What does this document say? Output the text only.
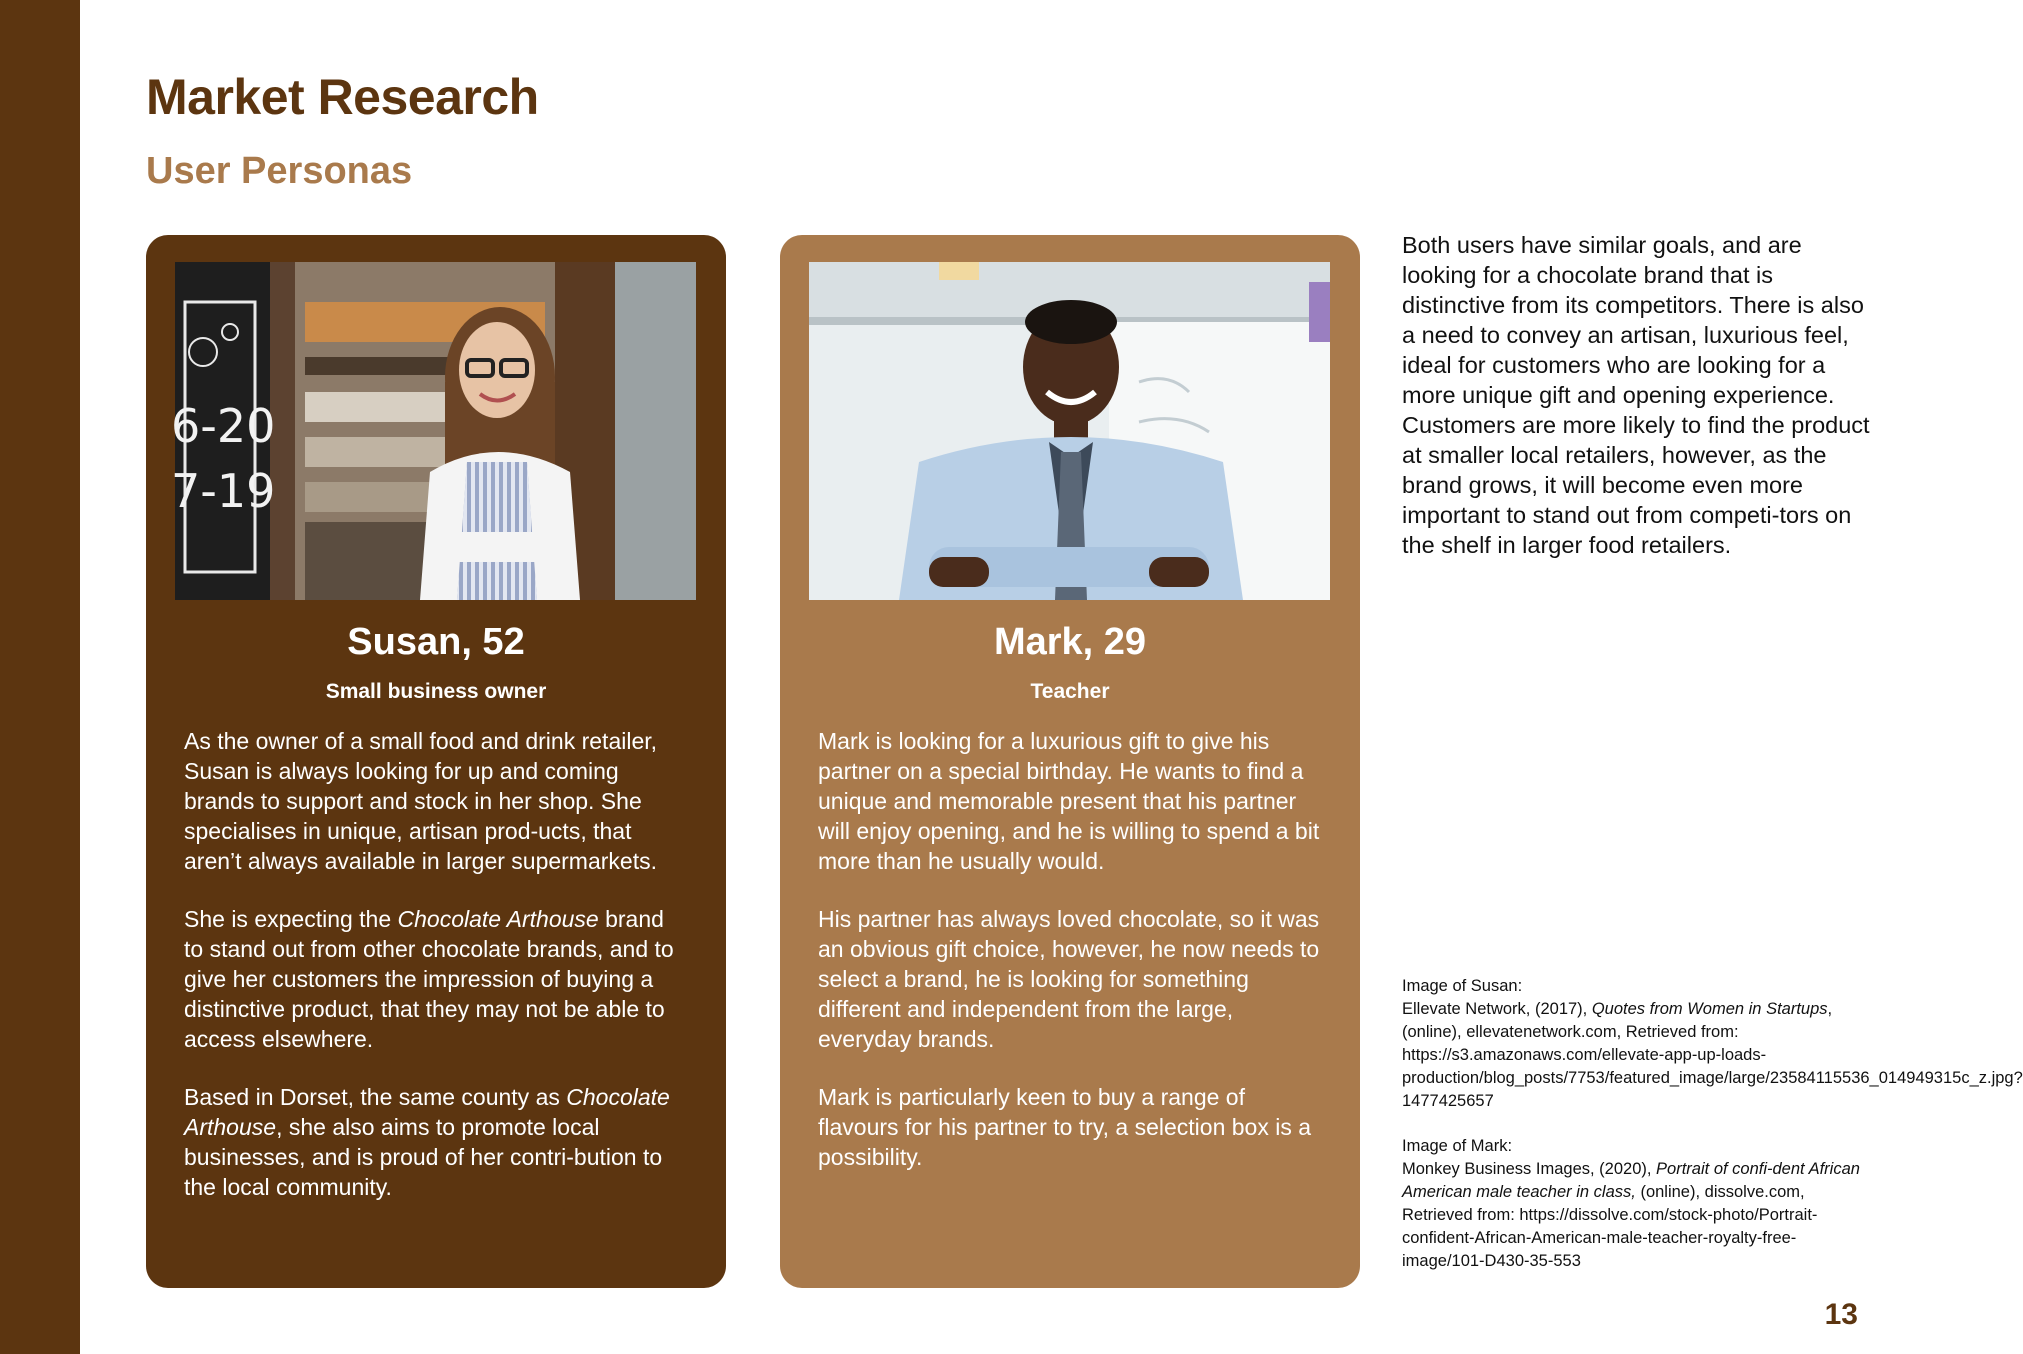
Market Research
User Personas
6-20
7-19
Susan, 52
Small business owner

As the owner of a small food and drink retailer, Susan is always looking for up and coming brands to support and stock in her shop. She specialises in unique, artisan prod-ucts, that aren’t always available in larger supermarkets.

She is expecting the Chocolate Arthouse brand to stand out from other chocolate brands, and to give her customers the impression of buying a distinctive product, that they may not be able to access elsewhere.

Based in Dorset, the same county as Chocolate Arthouse, she also aims to promote local businesses, and is proud of her contri-bution to the local community.

Mark, 29
Teacher

Mark is looking for a luxurious gift to give his partner on a special birthday. He wants to find a unique and memorable present that his partner will enjoy opening, and he is willing to spend a bit more than he usually would.

His partner has always loved chocolate, so it was an obvious gift choice, however, he now needs to select a brand, he is looking for something different and independent from the large, everyday brands.

Mark is particularly keen to buy a range of flavours for his partner to try, a selection box is a possibility.

Both users have similar goals, and are looking for a chocolate brand that is distinctive from its competitors. There is also a need to convey an artisan, luxurious feel, ideal for customers who are looking for a more unique gift and opening experience. Customers are more likely to find the product at smaller local retailers, however, as the brand grows, it will become even more important to stand out from competi-tors on the shelf in larger food retailers.

Image of Susan:
Ellevate Network, (2017), Quotes from Women in Startups, (online), ellevatenetwork.com, Retrieved from: https://s3.amazonaws.com/ellevate-app-up-loads-production/blog_posts/7753/featured_image/large/23584115536_014949315c_z.jpg?1477425657
Image of Mark:
Monkey Business Images, (2020), Portrait of confi-dent African American male teacher in class, (online), dissolve.com, Retrieved from: https://dissolve.com/stock-photo/Portrait-confident-African-American-male-teacher-royalty-free-image/101-D430-35-553
13
